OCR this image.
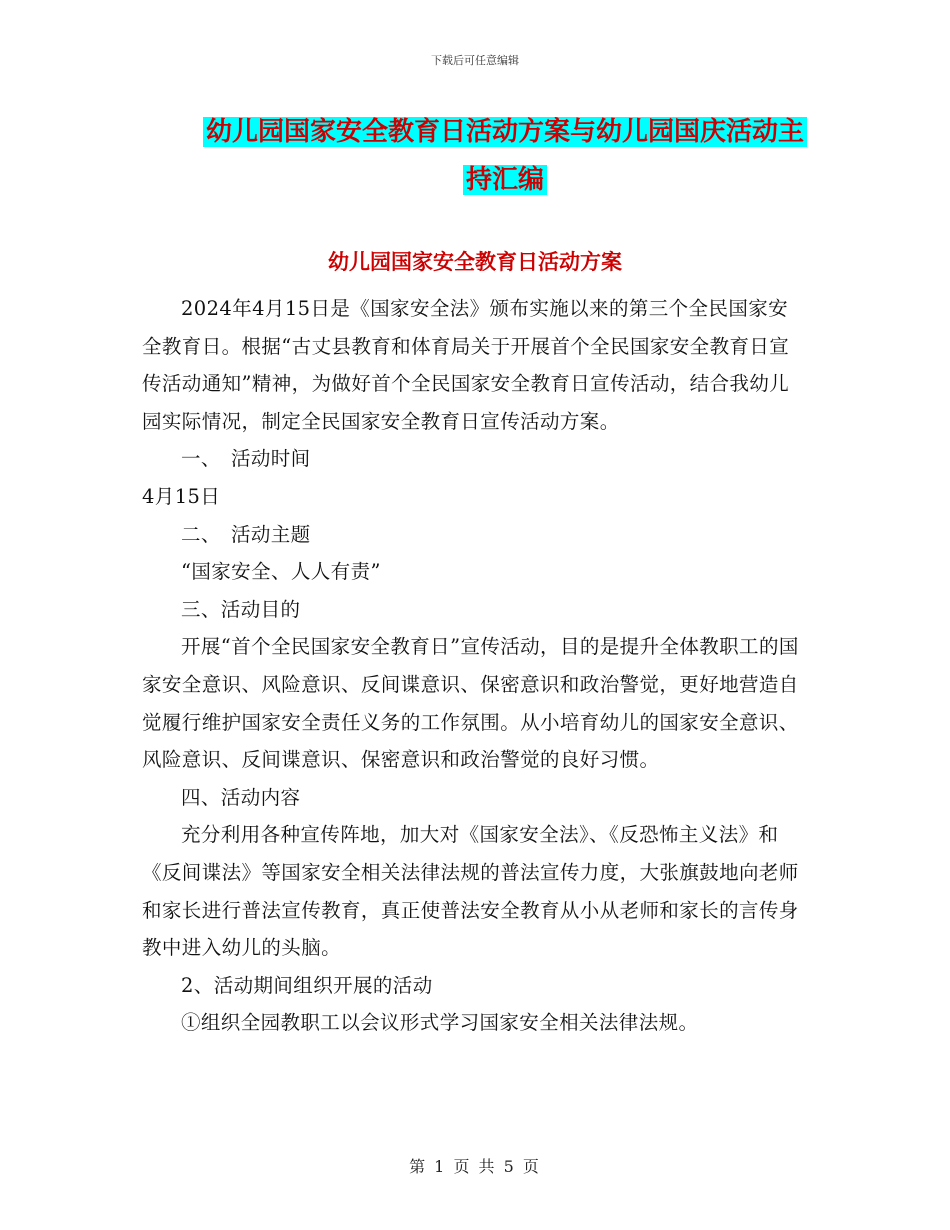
下载后可任意编辑
幼儿园国家安全教育日活动方案与幼儿园国庆活动主
持汇编
幼儿园国家安全教育日活动方案

2024年4月15日是《国家安全法》颁布实施以来的第三个全民国家安全教育日。根据“古丈县教育和体育局关于开展首个全民国家安全教育日宣传活动通知”精神，为做好首个全民国家安全教育日宣传活动，结合我幼儿园实际情况，制定全民国家安全教育日宣传活动方案。

一、　活动时间

4月15日

二、　活动主题

“国家安全、人人有责”

三、活动目的

开展“首个全民国家安全教育日”宣传活动，目的是提升全体教职工的国家安全意识、风险意识、反间谍意识、保密意识和政治警觉，更好地营造自觉履行维护国家安全责任义务的工作氛围。从小培育幼儿的国家安全意识、风险意识、反间谍意识、保密意识和政治警觉的良好习惯。

四、活动内容

充分利用各种宣传阵地，加大对《国家安全法》、《反恐怖主义法》和《反间谍法》等国家安全相关法律法规的普法宣传力度，大张旗鼓地向老师和家长进行普法宣传教育，真正使普法安全教育从小从老师和家长的言传身教中进入幼儿的头脑。

2、活动期间组织开展的活动

①组织全园教职工以会议形式学习国家安全相关法律法规。

第 1 页 共 5 页
